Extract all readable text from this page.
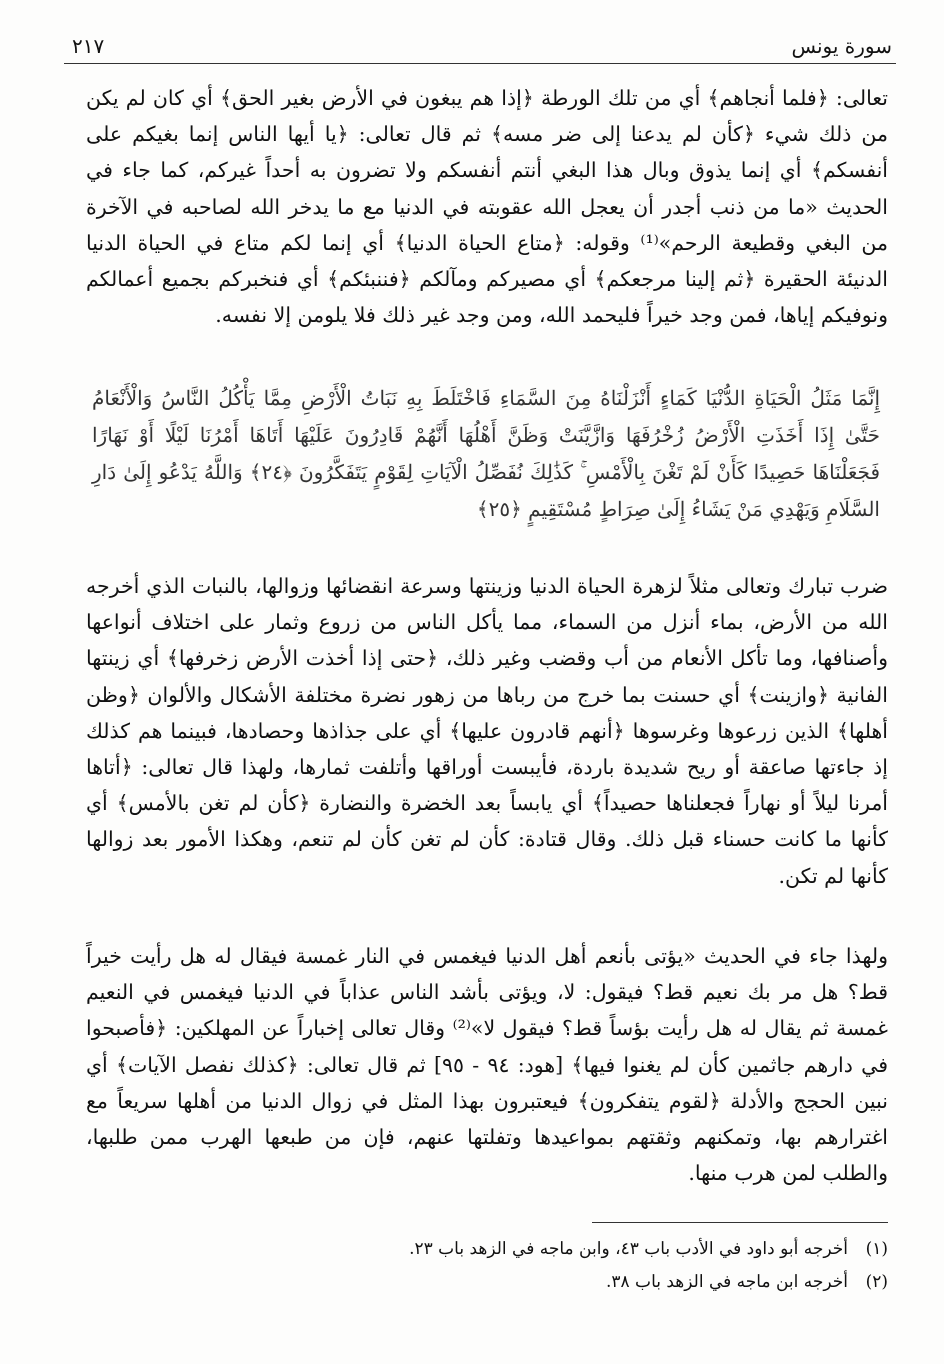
سورة يونس
٢١٧

تعالى: ﴿فلما أنجاهم﴾ أي من تلك الورطة ﴿إذا هم يبغون في الأرض بغير الحق﴾ أي كان لم يكن من ذلك شيء ﴿كأن لم يدعنا إلى ضر مسه﴾ ثم قال تعالى: ﴿يا أيها الناس إنما بغيكم على أنفسكم﴾ أي إنما يذوق وبال هذا البغي أنتم أنفسكم ولا تضرون به أحداً غيركم، كما جاء في الحديث «ما من ذنب أجدر أن يعجل الله عقوبته في الدنيا مع ما يدخر الله لصاحبه في الآخرة من البغي وقطيعة الرحم»⁽¹⁾ وقوله: ﴿متاع الحياة الدنيا﴾ أي إنما لكم متاع في الحياة الدنيا الدنيئة الحقيرة ﴿ثم إلينا مرجعكم﴾ أي مصيركم ومآلكم ﴿فننبئكم﴾ أي فنخبركم بجميع أعمالكم ونوفيكم إياها، فمن وجد خيراً فليحمد الله، ومن وجد غير ذلك فلا يلومن إلا نفسه.

إِنَّمَا مَثَلُ الْحَيَاةِ الدُّنْيَا كَمَاءٍ أَنْزَلْنَاهُ مِنَ السَّمَاءِ فَاخْتَلَطَ بِهِ نَبَاتُ الْأَرْضِ مِمَّا يَأْكُلُ النَّاسُ وَالْأَنْعَامُ حَتَّىٰ إِذَا أَخَذَتِ الْأَرْضُ زُخْرُفَهَا وَازَّيَّنَتْ وَظَنَّ أَهْلُهَا أَنَّهُمْ قَادِرُونَ عَلَيْهَا أَتَاهَا أَمْرُنَا لَيْلًا أَوْ نَهَارًا فَجَعَلْنَاهَا حَصِيدًا كَأَنْ لَمْ تَغْنَ بِالْأَمْسِ ۚ كَذَٰلِكَ نُفَصِّلُ الْآيَاتِ لِقَوْمٍ يَتَفَكَّرُونَ ﴿٢٤﴾ وَاللَّهُ يَدْعُو إِلَىٰ دَارِ السَّلَامِ وَيَهْدِي مَنْ يَشَاءُ إِلَىٰ صِرَاطٍ مُسْتَقِيمٍ ﴿٢٥﴾

ضرب تبارك وتعالى مثلاً لزهرة الحياة الدنيا وزينتها وسرعة انقضائها وزوالها، بالنبات الذي أخرجه الله من الأرض، بماء أنزل من السماء، مما يأكل الناس من زروع وثمار على اختلاف أنواعها وأصنافها، وما تأكل الأنعام من أب وقضب وغير ذلك، ﴿حتى إذا أخذت الأرض زخرفها﴾ أي زينتها الفانية ﴿وازينت﴾ أي حسنت بما خرج من رباها من زهور نضرة مختلفة الأشكال والألوان ﴿وظن أهلها﴾ الذين زرعوها وغرسوها ﴿أنهم قادرون عليها﴾ أي على جذاذها وحصادها، فبينما هم كذلك إذ جاءتها صاعقة أو ريح شديدة باردة، فأيبست أوراقها وأتلفت ثمارها، ولهذا قال تعالى: ﴿أتاها أمرنا ليلاً أو نهاراً فجعلناها حصيداً﴾ أي يابساً بعد الخضرة والنضارة ﴿كأن لم تغن بالأمس﴾ أي كأنها ما كانت حسناء قبل ذلك. وقال قتادة: كأن لم تغن كأن لم تنعم، وهكذا الأمور بعد زوالها كأنها لم تكن.

ولهذا جاء في الحديث «يؤتى بأنعم أهل الدنيا فيغمس في النار غمسة فيقال له هل رأيت خيراً قط؟ هل مر بك نعيم قط؟ فيقول: لا، ويؤتى بأشد الناس عذاباً في الدنيا فيغمس في النعيم غمسة ثم يقال له هل رأيت بؤساً قط؟ فيقول لا»⁽²⁾ وقال تعالى إخباراً عن المهلكين: ﴿فأصبحوا في دارهم جاثمين كأن لم يغنوا فيها﴾ [هود: ٩٤ - ٩٥] ثم قال تعالى: ﴿كذلك نفصل الآيات﴾ أي نبين الحجج والأدلة ﴿لقوم يتفكرون﴾ فيعتبرون بهذا المثل في زوال الدنيا من أهلها سريعاً مع اغترارهم بها، وتمكنهم وثقتهم بمواعيدها وتفلتها عنهم، فإن من طبعها الهرب ممن طلبها، والطلب لمن هرب منها.

(١)أخرجه أبو داود في الأدب باب ٤٣، وابن ماجه في الزهد باب ٢٣.

(٢)أخرجه ابن ماجه في الزهد باب ٣٨.
